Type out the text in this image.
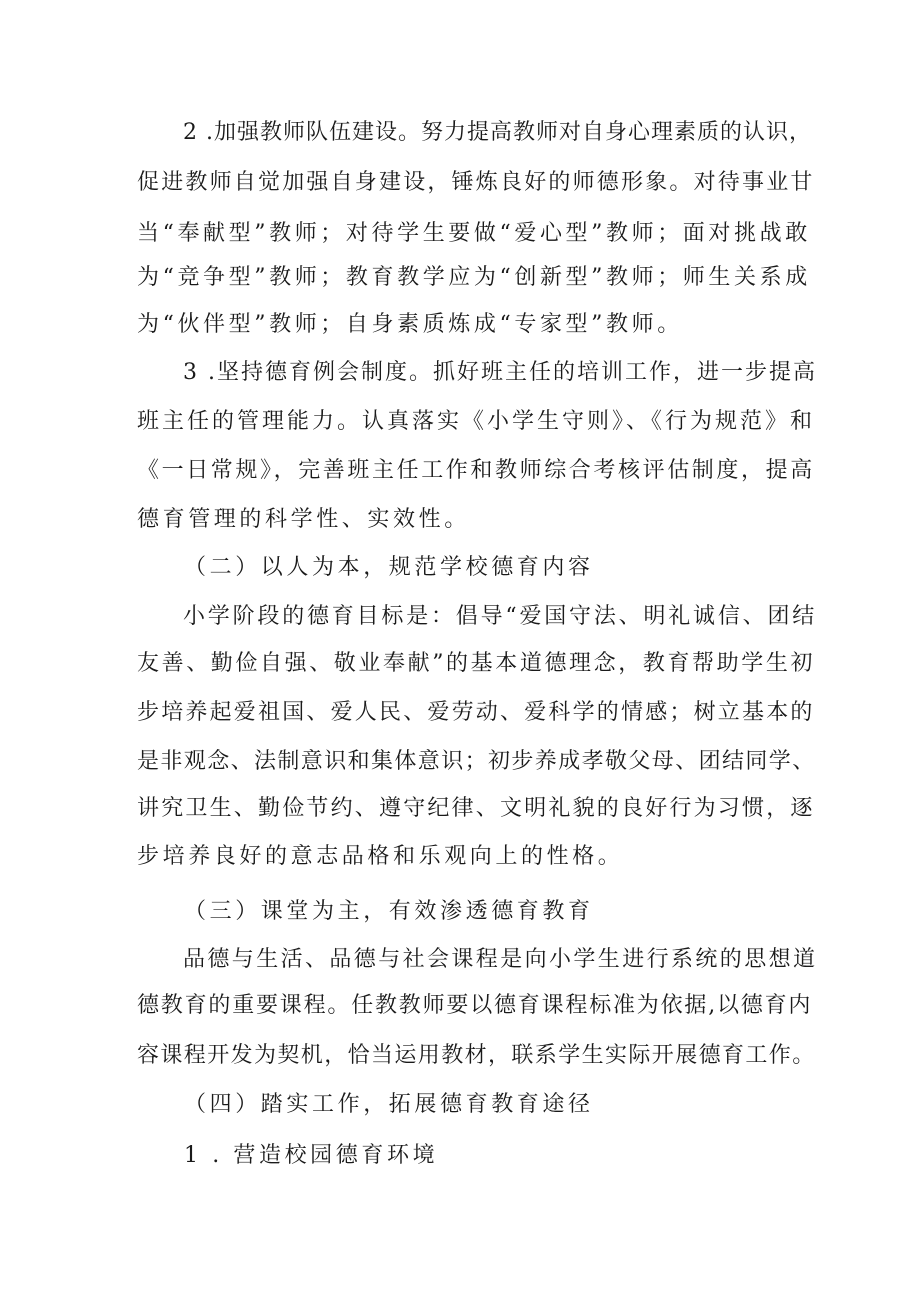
2 .加强教师队伍建设。努力提高教师对自身心理素质的认识，
促进教师自觉加强自身建设，锤炼良好的师德形象。对待事业甘
当“奉献型”教师；对待学生要做“爱心型”教师；面对挑战敢
为“竞争型”教师；教育教学应为“创新型”教师；师生关系成
为“伙伴型”教师；自身素质炼成“专家型”教师。
3 .坚持德育例会制度。抓好班主任的培训工作，进一步提高
班主任的管理能力。认真落实《小学生守则》、《行为规范》和
《一日常规》，完善班主任工作和教师综合考核评估制度，提高
德育管理的科学性、实效性。
（二）以人为本，规范学校德育内容
小学阶段的德育目标是：倡导“爱国守法、明礼诚信、团结
友善、勤俭自强、敬业奉献”的基本道德理念，教育帮助学生初
步培养起爱祖国、爱人民、爱劳动、爱科学的情感；树立基本的
是非观念、法制意识和集体意识；初步养成孝敬父母、团结同学、
讲究卫生、勤俭节约、遵守纪律、文明礼貌的良好行为习惯，逐
步培养良好的意志品格和乐观向上的性格。
（三）课堂为主，有效渗透德育教育
品德与生活、品德与社会课程是向小学生进行系统的思想道
德教育的重要课程。任教教师要以德育课程标准为依据,以德育内
容课程开发为契机，恰当运用教材，联系学生实际开展德育工作。
（四）踏实工作，拓展德育教育途径
1 . 营造校园德育环境
